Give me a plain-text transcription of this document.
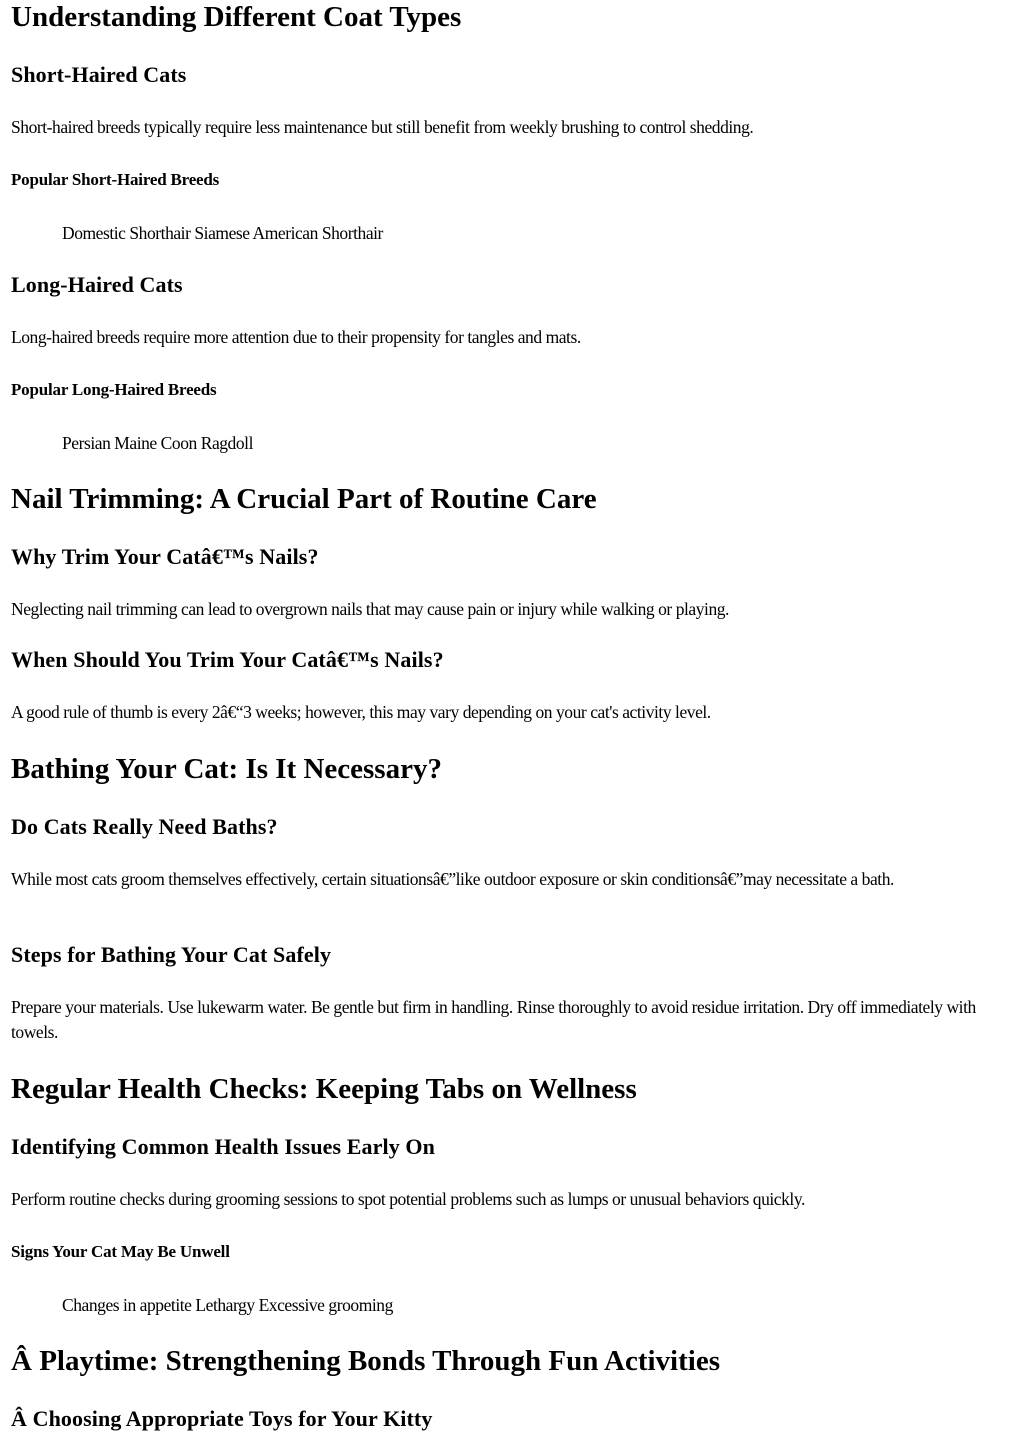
Understanding Different Coat Types
Short-Haired Cats

Short-haired breeds typically require less maintenance but still benefit from weekly brushing to control shedding.

Popular Short-Haired Breeds
Domestic Shorthair Siamese American Shorthair
Long-Haired Cats

Long-haired breeds require more attention due to their propensity for tangles and mats.

Popular Long-Haired Breeds
Persian Maine Coon Ragdoll
Nail Trimming: A Crucial Part of Routine Care
Why Trim Your Catâ€™s Nails?

Neglecting nail trimming can lead to overgrown nails that may cause pain or injury while walking or playing.

When Should You Trim Your Catâ€™s Nails?

A good rule of thumb is every 2â€“3 weeks; however, this may vary depending on your cat's activity level.

Bathing Your Cat: Is It Necessary?
Do Cats Really Need Baths?

While most cats groom themselves effectively, certain situationsâ€”like outdoor exposure or skin conditionsâ€”may necessitate a bath.

Steps for Bathing Your Cat Safely

Prepare your materials. Use lukewarm water. Be gentle but firm in handling. Rinse thoroughly to avoid residue irritation. Dry off immediately with towels.

Regular Health Checks: Keeping Tabs on Wellness
Identifying Common Health Issues Early On

Perform routine checks during grooming sessions to spot potential problems such as lumps or unusual behaviors quickly.

Signs Your Cat May Be Unwell
Changes in appetite Lethargy Excessive grooming
Â Playtime: Strengthening Bonds Through Fun Activities
Â Choosing Appropriate Toys for Your Kitty
